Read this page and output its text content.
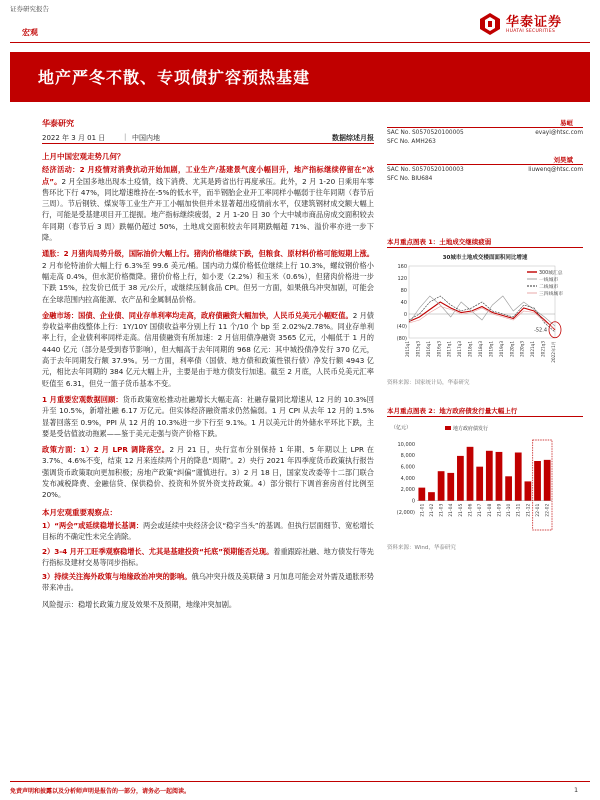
证券研究报告
宏观
华泰证券
HUATAI SECURITIES
地产严冬不散、专项债扩容预热基建
华泰研究
2022 年 3 月 01 日	| 中国内地	数据综述月报
易峘
SAC No. S0570520100005	evayi@htsc.com
SFC No. AMH263
刘昊斌
SAC No. S0570520100003	liuwenq@htsc.com
SFC No. BIU684
上月中国宏观走势几何？
经济活动：2 月疫情对消费抗动开始加剧，工业生产/基建景气度小幅回升，地产指标继续停留在“冰点”。2 月全国多地出现本土疫情，线下消费、尤其是跨省出行再度承压。此外，2 月 1-20 日乘用车零售环比下行 47%，同比增速维持在-5%的低水平，而半钢胎企业开工率同样小幅弱于往年同期（春节后三周）。节后钢铁、煤炭等工业生产开工小幅加快但并未显著超出疫情前水平，仅建筑钢材成交额大幅上行，可能是受基建项目开工提振。地产指标继续疲弱，2 月 1-20 日 30 个大中城市商品房成交面积较去年同期（春节后 3 周）跌幅仍超过 50%，土地成交面积较去年同期跌幅超 71%、溢价率亦进一步下降。
通胀：2 月猪肉局势升级，国际油价大幅上行。猪肉价格继续下跌，但粮食、原材料价格可能短期上涨。2 月布伦特油价大幅上行 6.3%至 99.6 美元/桶。国内动力煤价格低位继续上行 10.3%，螺纹钢价格小幅走高 0.4%，但水泥价格微降。猪价价格上行，如小麦（2.2%）和玉米（0.6%），但猪肉价格进一步下跌 15%，拉发价已低于 38 元/公斤，或继续压制食品 CPI。但另一方面，如果俄乌冲突加剧，可能会在全球范围内拉高能源、农产品和金属制品价格。
金融市场：国债、企业债、同业存单利率均走高，政府债融资大幅加快，人民币兑美元小幅贬值。2 月债券收益率曲线整体上行：1Y/10Y 国债收益率分别上行 11 个/10 个 bp 至 2.02%/2.78%。同业存单利率上行，企业债利率同样走高。信用债融资有所加速：2 月信用债净融资 3565 亿元，小幅低于 1 月的 4440 亿元（部分是受到春节影响），但大幅高于去年同期的 968 亿元：其中城投债净发行 370 亿元，高于去年同期发行额 37.9%。另一方面，利率债（国债、地方债和政策性银行债）净发行额 4943 亿元，相比去年同期的 384 亿元大幅上升，主要是由于地方债发行加速。截至 2 月底，人民币兑美元汇率贬值至 6.31，但兑一篮子货币基本不变。
1 月重要宏观数据回顾：货币政策宽松推动社融增长大幅走高：社融存量同比增速从 12 月的 10.3%回升至 10.5%，新增社融 6.17 万亿元。但实体经济融资需求仍然偏弱。1 月 CPI 从去年 12 月的 1.5%显著回落至 0.9%，PPI 从 12 月的 10.3%进一步下行至 9.1%。1 月以美元计的外储水平环比下跌，主要是受估值波动拖累——鉴于美元走强与资产价格下跌。
政策方面：1）2 月 LPR 调降落空。2 月 21 日，央行宣布分别保持 1 年期、5 年期以上 LPR 在 3.7%、4.6%不变，结束 12 月来连续两个月的降息“周期”。2）央行 2021 年四季度货币政策执行报告强调货币政策取向更加积极；房地产政策“纠偏”谨慎进行。3）2 月 18 日，国家发改委等十二部门联合发布减税降费、金融信贷、保供稳价、投资和外贸外资支持政策。4）部分银行下调首套房首付比例至 20%。
本月宏观重要观察点：
1）“两会”或延续稳增长基调：两会或延续中央经济会议“稳字当头”的基调。但执行层面细节、宽松增长目标的不确定性未完全消除。
2）3-4 月开工旺季观察稳增长、尤其是基建投资“托底”预期能否兑现。着重跟踪社融、地方债发行等先行指标及建材交易等同步指标。
3）持续关注海外政策与地缘政治冲突的影响。俄乌冲突升级及美联储 3 月加息可能会对外需及通胀形势带来冲击。
风险提示：稳增长政策力度及效果不及预期，地缘冲突加剧。
本月重点图表 1：土地成交继续疲弱
30城市土地成交楼面面积同比增速
160
120
80
40
0
(40)
(80)
2015q1 2015q3 2016q1 2016q3 2017q1 2017q3 2018q1 2018q3 2019q1 2019q3 2020q1 2020q3 2021q1 2021q3 2022年1月
-52.4
300城汇总
一线城市
二线城市
三四线城市
资料来源：国家统计局，华泰研究
本月重点图表 2：地方政府债发行量大幅上行
（亿元）
10,000
8,000
6,000
4,000
2,000
0
(2,000) 21-01 21-02 21-03 21-04 21-05 21-06 21-07 21-08 21-09 21-10 21-11 21-12 22-01 22-02
地方政府债发行
资料来源：Wind，华泰研究
免责声明和披露以及分析师声明是报告的一部分，请务必一起阅读。	1
